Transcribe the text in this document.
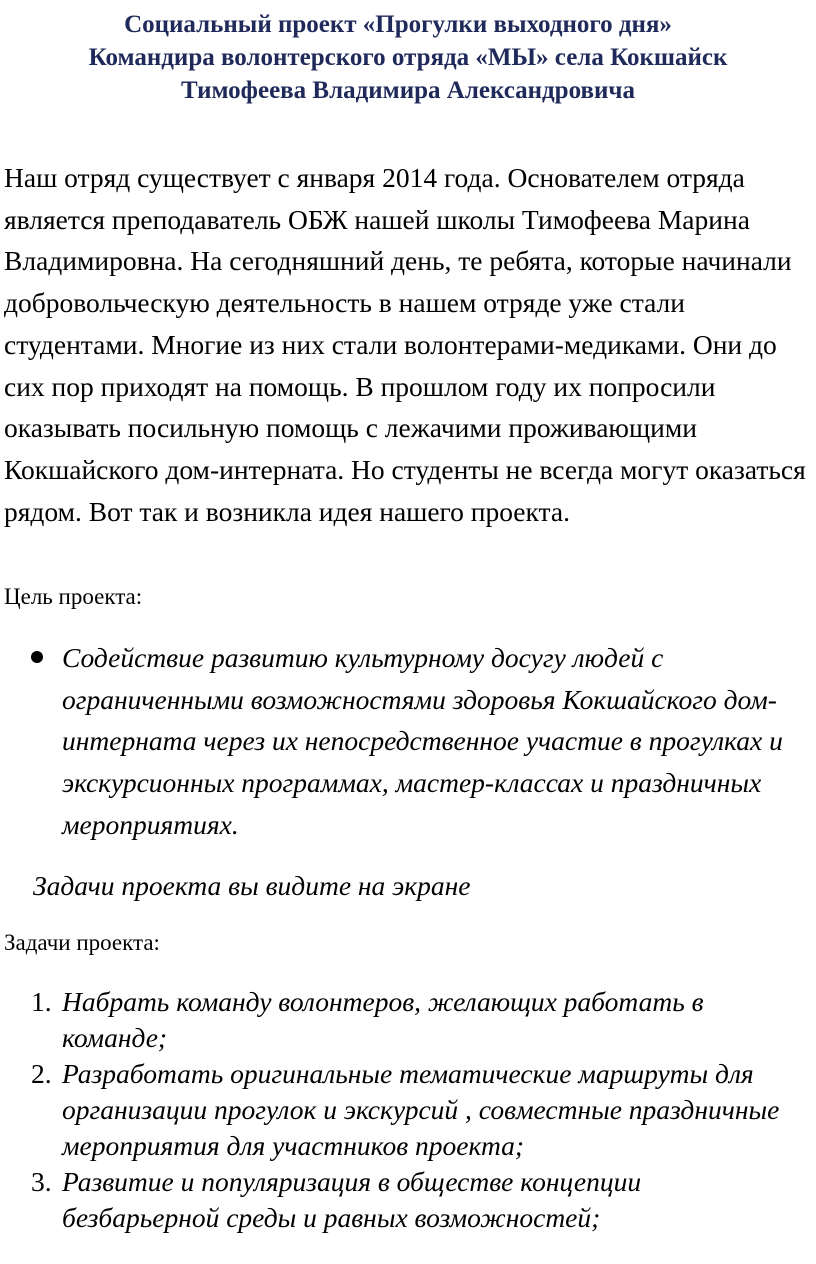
Социальный проект «Прогулки выходного дня»
Командира волонтерского отряда «МЫ» села Кокшайск
Тимофеева Владимира Александровича

Наш отряд существует с января 2014 года. Основателем отряда является преподаватель ОБЖ нашей школы Тимофеева Марина Владимировна. На сегодняшний день, те ребята, которые начинали добровольческую деятельность в нашем отряде уже стали студентами. Многие из них стали волонтерами-медиками. Они до сих пор приходят на помощь. В прошлом году их попросили оказывать посильную помощь с лежачими проживающими Кокшайского дом-интерната. Но студенты не всегда могут оказаться рядом. Вот так и возникла идея нашего проекта.

Цель проекта:

Содействие развитию культурному досугу людей с ограниченными возможностями здоровья Кокшайского дом-интерната через их непосредственное участие в прогулках и экскурсионных программах, мастер-классах и праздничных мероприятиях.

Задачи проекта вы видите на экране

Задачи проекта:

1. Набрать команду волонтеров, желающих работать в команде;
2. Разработать оригинальные тематические маршруты для организации прогулок и экскурсий , совместные праздничные мероприятия для участников проекта;
3. Развитие и популяризация в обществе концепции безбарьерной среды и равных возможностей;
